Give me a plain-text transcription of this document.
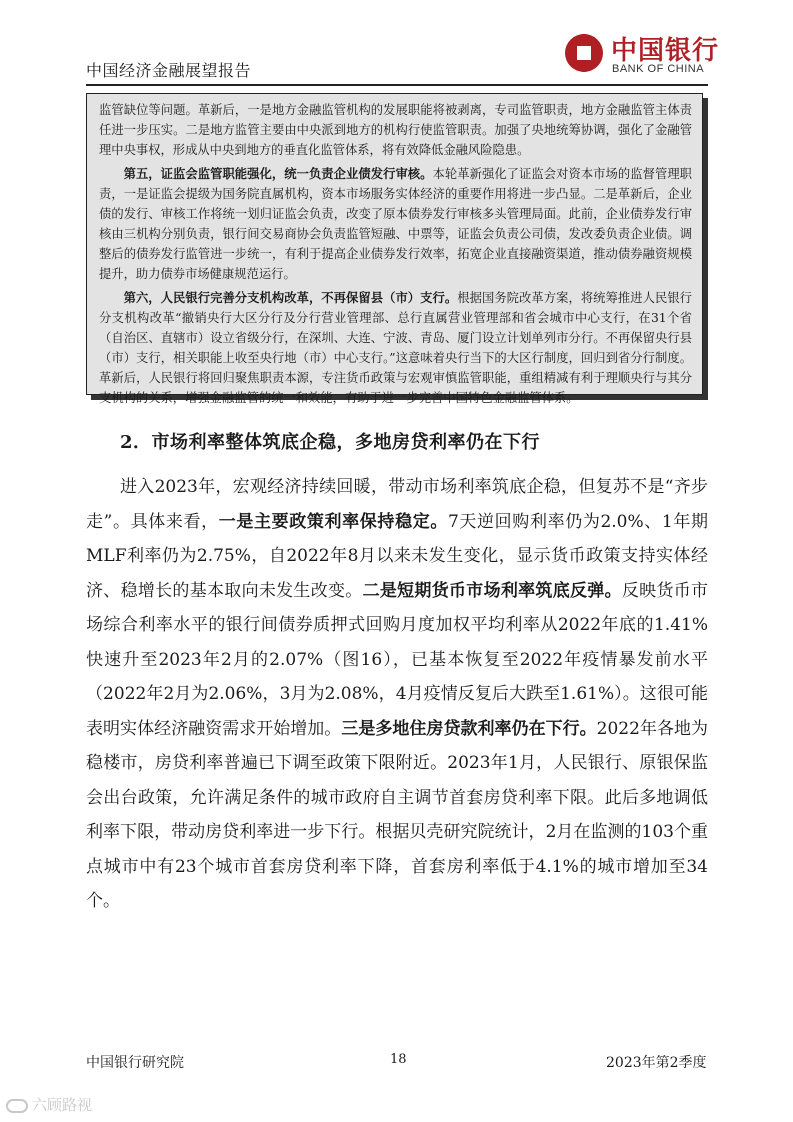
中国经济金融展望报告
中国银行
BANK OF CHINA

监管缺位等问题。革新后，一是地方金融监管机构的发展职能将被剥离，专司监管职责，地方金融监管主体责任进一步压实。二是地方监管主要由中央派到地方的机构行使监管职责。加强了央地统筹协调，强化了金融管理中央事权，形成从中央到地方的垂直化监管体系，将有效降低金融风险隐患。

第五，证监会监管职能强化，统一负责企业债发行审核。本轮革新强化了证监会对资本市场的监督管理职责，一是证监会提级为国务院直属机构，资本市场服务实体经济的重要作用将进一步凸显。二是革新后，企业债的发行、审核工作将统一划归证监会负责，改变了原本债券发行审核多头管理局面。此前，企业债券发行审核由三机构分别负责，银行间交易商协会负责监管短融、中票等，证监会负责公司债，发改委负责企业债。调整后的债券发行监管进一步统一，有利于提高企业债券发行效率，拓宽企业直接融资渠道，推动债券融资规模提升，助力债券市场健康规范运行。

第六，人民银行完善分支机构改革，不再保留县（市）支行。根据国务院改革方案，将统筹推进人民银行分支机构改革“撤销央行大区分行及分行营业管理部、总行直属营业管理部和省会城市中心支行，在31个省（自治区、直辖市）设立省级分行，在深圳、大连、宁波、青岛、厦门设立计划单列市分行。不再保留央行县（市）支行，相关职能上收至央行地（市）中心支行。”这意味着央行当下的大区行制度，回归到省分行制度。革新后，人民银行将回归聚焦职责本源，专注货币政策与宏观审慎监管职能，重组精减有利于理顺央行与其分支机构的关系，增强金融监管的统一和效能，有助于进一步完善中国特色金融监管体系。

2．市场利率整体筑底企稳，多地房贷利率仍在下行
进入2023年，宏观经济持续回暖，带动市场利率筑底企稳，但复苏不是“齐步走”。具体来看，一是主要政策利率保持稳定。7天逆回购利率仍为2.0%、1年期MLF利率仍为2.75%，自2022年8月以来未发生变化，显示货币政策支持实体经济、稳增长的基本取向未发生改变。二是短期货币市场利率筑底反弹。反映货币市场综合利率水平的银行间债券质押式回购月度加权平均利率从2022年底的1.41%快速升至2023年2月的2.07%（图16），已基本恢复至2022年疫情暴发前水平（2022年2月为2.06%，3月为2.08%，4月疫情反复后大跌至1.61%）。这很可能表明实体经济融资需求开始增加。三是多地住房贷款利率仍在下行。2022年各地为稳楼市，房贷利率普遍已下调至政策下限附近。2023年1月，人民银行、原银保监会出台政策，允许满足条件的城市政府自主调节首套房贷利率下限。此后多地调低利率下限，带动房贷利率进一步下行。根据贝壳研究院统计，2月在监测的103个重点城市中有23个城市首套房贷利率下降，首套房利率低于4.1%的城市增加至34个。
中国银行研究院	18	2023年第2季度
六顾路视
